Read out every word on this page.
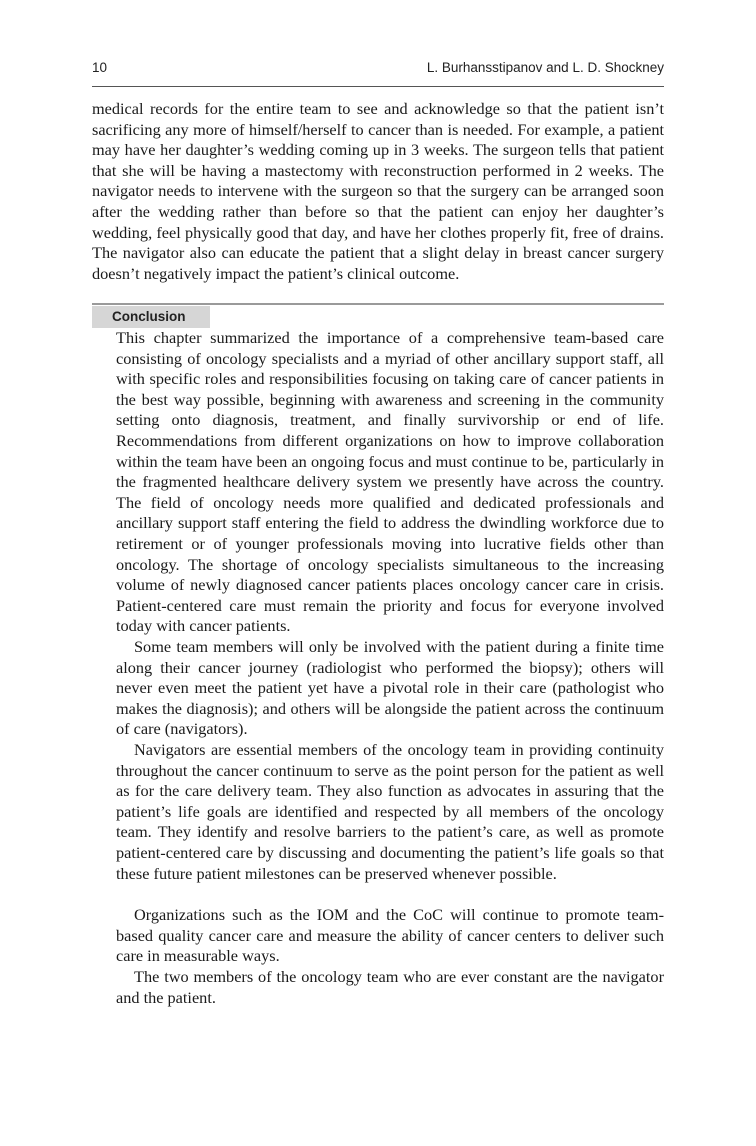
10	L. Burhansstipanov and L. D. Shockney

medical records for the entire team to see and acknowledge so that the patient isn’t sacrificing any more of himself/herself to cancer than is needed. For example, a patient may have her daughter’s wedding coming up in 3 weeks. The surgeon tells that patient that she will be having a mastectomy with reconstruction performed in 2 weeks. The navigator needs to intervene with the surgeon so that the surgery can be arranged soon after the wedding rather than before so that the patient can enjoy her daughter’s wedding, feel physically good that day, and have her clothes properly fit, free of drains. The navigator also can educate the patient that a slight delay in breast cancer surgery doesn’t negatively impact the patient’s clinical outcome.

Conclusion

This chapter summarized the importance of a comprehensive team-based care consisting of oncology specialists and a myriad of other ancillary support staff, all with specific roles and responsibilities focusing on taking care of cancer patients in the best way possible, beginning with awareness and screening in the community setting onto diagnosis, treatment, and finally survivorship or end of life. Recommendations from different organizations on how to improve collaboration within the team have been an ongoing focus and must continue to be, particularly in the fragmented healthcare delivery system we presently have across the country. The field of oncology needs more qualified and dedicated professionals and ancillary support staff entering the field to address the dwindling workforce due to retirement or of younger professionals moving into lucrative fields other than oncology. The shortage of oncology specialists simultaneous to the increasing volume of newly diagnosed cancer patients places oncology cancer care in crisis. Patient-centered care must remain the priority and focus for everyone involved today with cancer patients.

Some team members will only be involved with the patient during a finite time along their cancer journey (radiologist who performed the biopsy); others will never even meet the patient yet have a pivotal role in their care (pathologist who makes the diagnosis); and others will be alongside the patient across the continuum of care (navigators).

Navigators are essential members of the oncology team in providing continuity throughout the cancer continuum to serve as the point person for the patient as well as for the care delivery team. They also function as advocates in assuring that the patient’s life goals are identified and respected by all members of the oncology team. They identify and resolve barriers to the patient’s care, as well as promote patient-centered care by discussing and documenting the patient’s life goals so that these future patient milestones can be preserved whenever possible.

Organizations such as the IOM and the CoC will continue to promote team-based quality cancer care and measure the ability of cancer centers to deliver such care in measurable ways.

The two members of the oncology team who are ever constant are the navigator and the patient.
